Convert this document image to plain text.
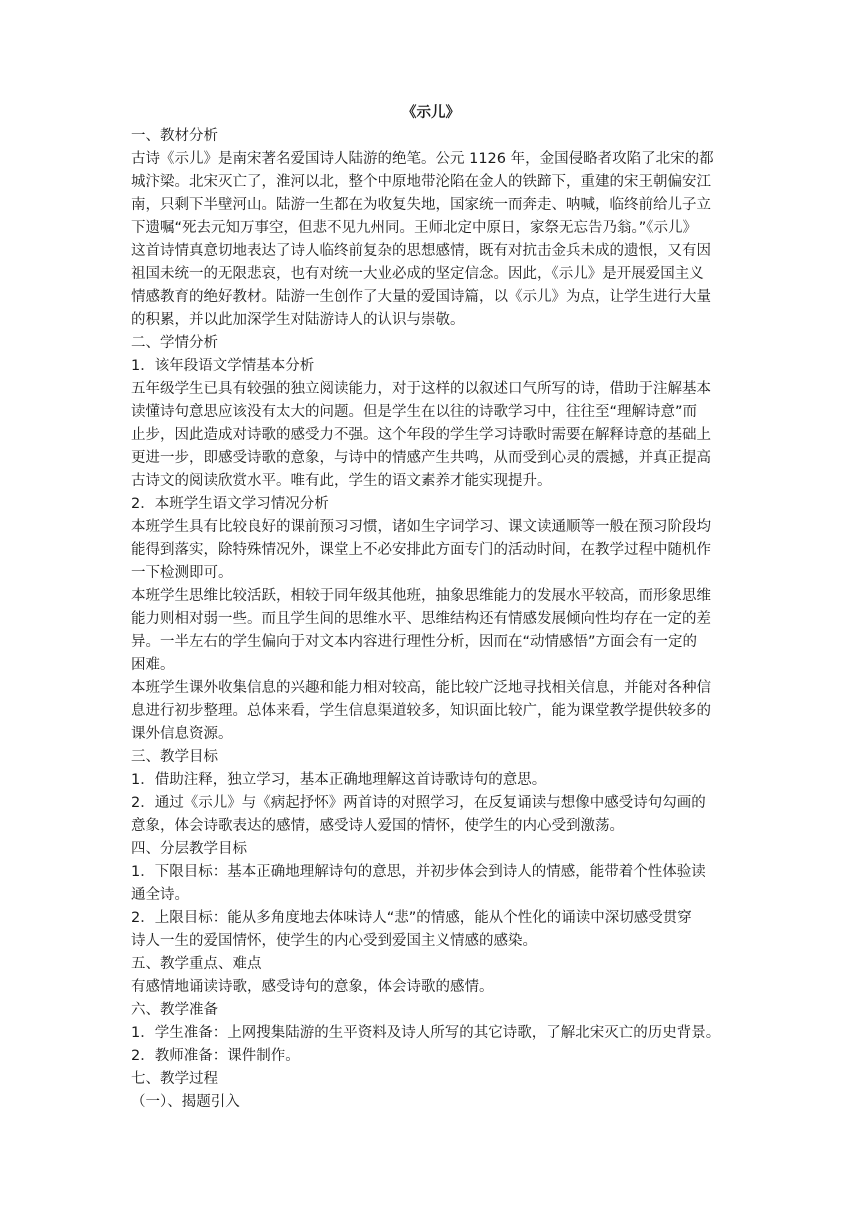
《示儿》
一、教材分析
古诗《示儿》是南宋著名爱国诗人陆游的绝笔。公元 1126 年，金国侵略者攻陷了北宋的都
城汴梁。北宋灭亡了，淮河以北，整个中原地带沦陷在金人的铁蹄下，重建的宋王朝偏安江
南，只剩下半壁河山。陆游一生都在为收复失地，国家统一而奔走、呐喊，临终前给儿子立
下遗嘱“死去元知万事空，但悲不见九州同。王师北定中原日，家祭无忘告乃翁。”《示儿》
这首诗情真意切地表达了诗人临终前复杂的思想感情，既有对抗击金兵未成的遗恨，又有因
祖国未统一的无限悲哀，也有对统一大业必成的坚定信念。因此，《示儿》是开展爱国主义
情感教育的绝好教材。陆游一生创作了大量的爱国诗篇，以《示儿》为点，让学生进行大量
的积累，并以此加深学生对陆游诗人的认识与崇敬。
二、学情分析
1．该年段语文学情基本分析
五年级学生已具有较强的独立阅读能力，对于这样的以叙述口气所写的诗，借助于注解基本
读懂诗句意思应该没有太大的问题。但是学生在以往的诗歌学习中，往往至“理解诗意”而
止步，因此造成对诗歌的感受力不强。这个年段的学生学习诗歌时需要在解释诗意的基础上
更进一步，即感受诗歌的意象，与诗中的情感产生共鸣，从而受到心灵的震撼，并真正提高
古诗文的阅读欣赏水平。唯有此，学生的语文素养才能实现提升。
2．本班学生语文学习情况分析
本班学生具有比较良好的课前预习习惯，诸如生字词学习、课文读通顺等一般在预习阶段均
能得到落实，除特殊情况外，课堂上不必安排此方面专门的活动时间，在教学过程中随机作
一下检测即可。
本班学生思维比较活跃，相较于同年级其他班，抽象思维能力的发展水平较高，而形象思维
能力则相对弱一些。而且学生间的思维水平、思维结构还有情感发展倾向性均存在一定的差
异。一半左右的学生偏向于对文本内容进行理性分析，因而在“动情感悟”方面会有一定的
困难。
本班学生课外收集信息的兴趣和能力相对较高，能比较广泛地寻找相关信息，并能对各种信
息进行初步整理。总体来看，学生信息渠道较多，知识面比较广，能为课堂教学提供较多的
课外信息资源。
三、教学目标
1．借助注释，独立学习，基本正确地理解这首诗歌诗句的意思。
2．通过《示儿》与《病起抒怀》两首诗的对照学习，在反复诵读与想像中感受诗句勾画的
意象，体会诗歌表达的感情，感受诗人爱国的情怀，使学生的内心受到激荡。
四、分层教学目标
1．下限目标：基本正确地理解诗句的意思，并初步体会到诗人的情感，能带着个性体验读
通全诗。
2．上限目标：能从多角度地去体味诗人“悲”的情感，能从个性化的诵读中深切感受贯穿
诗人一生的爱国情怀，使学生的内心受到爱国主义情感的感染。
五、教学重点、难点
有感情地诵读诗歌，感受诗句的意象，体会诗歌的感情。
六、教学准备
1．学生准备：上网搜集陆游的生平资料及诗人所写的其它诗歌，了解北宋灭亡的历史背景。
2．教师准备：课件制作。
七、教学过程
（一）、揭题引入
